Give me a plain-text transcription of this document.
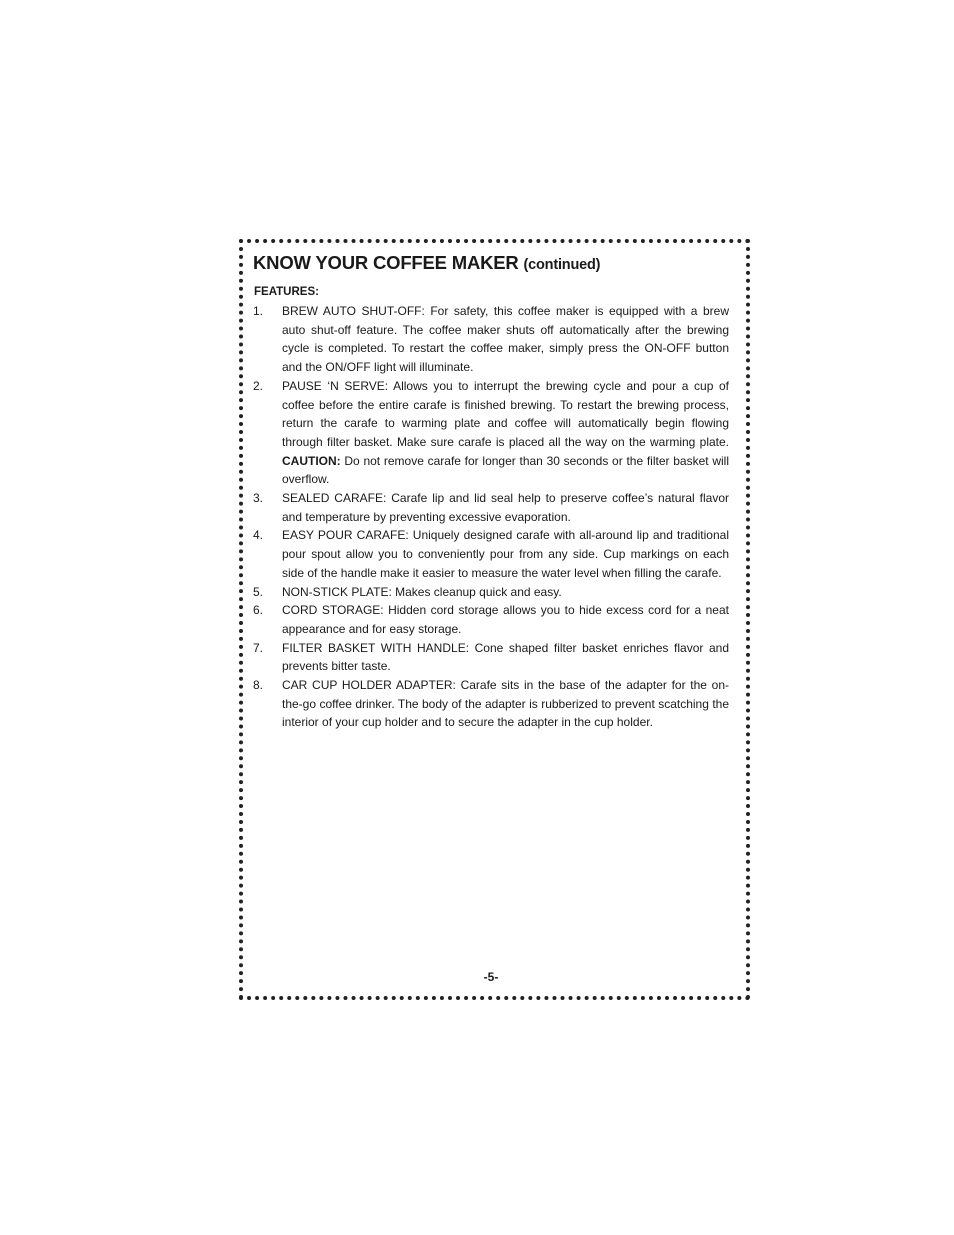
KNOW YOUR COFFEE MAKER (continued)
FEATURES:
1. BREW AUTO SHUT-OFF: For safety, this coffee maker is equipped with a brew auto shut-off feature. The coffee maker shuts off automatically after the brewing cycle is completed. To restart the coffee maker, simply press the ON-OFF button and the ON/OFF light will illuminate.
2. PAUSE ‘N SERVE: Allows you to interrupt the brewing cycle and pour a cup of coffee before the entire carafe is finished brewing. To restart the brewing process, return the carafe to warming plate and coffee will automatically begin flowing through filter basket. Make sure carafe is placed all the way on the warming plate. CAUTION: Do not remove carafe for longer than 30 seconds or the filter basket will overflow.
3. SEALED CARAFE: Carafe lip and lid seal help to preserve coffee’s natural flavor and temperature by preventing excessive evaporation.
4. EASY POUR CARAFE: Uniquely designed carafe with all-around lip and traditional pour spout allow you to conveniently pour from any side. Cup markings on each side of the handle make it easier to measure the water level when filling the carafe.
5. NON-STICK PLATE: Makes cleanup quick and easy.
6. CORD STORAGE: Hidden cord storage allows you to hide excess cord for a neat appearance and for easy storage.
7. FILTER BASKET WITH HANDLE: Cone shaped filter basket enriches flavor and prevents bitter taste.
8. CAR CUP HOLDER ADAPTER: Carafe sits in the base of the adapter for the on-the-go coffee drinker. The body of the adapter is rubberized to prevent scatching the interior of your cup holder and to secure the adapter in the cup holder.
-5-
